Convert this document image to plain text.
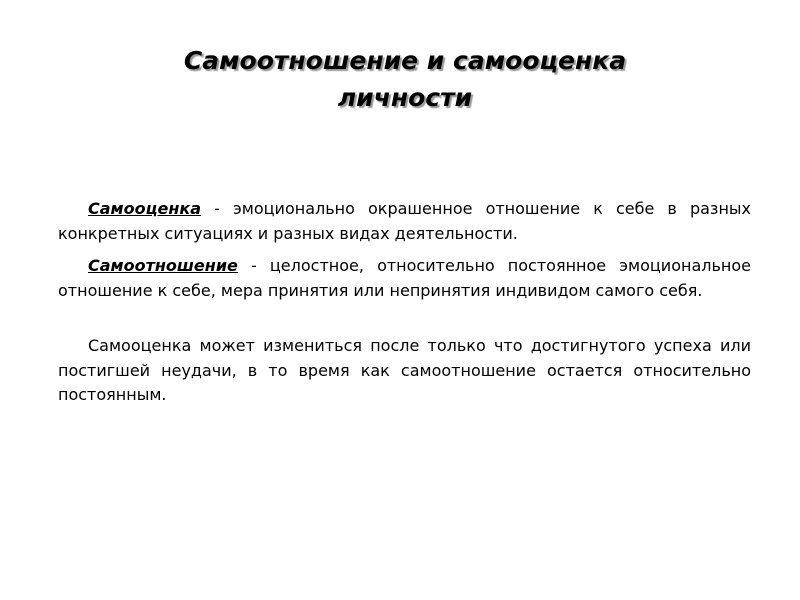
Самоотношение и самооценка
личности

Самооценка - эмоционально окрашенное отношение к себе в разных конкретных ситуациях и разных видах деятельности.

Самоотношение - целостное, относительно постоянное эмоциональное отношение к себе, мера принятия или непринятия индивидом самого себя.

Самооценка может измениться после только что достигнутого успеха или постигшей неудачи, в то время как самоотношение остается относительно постоянным.
